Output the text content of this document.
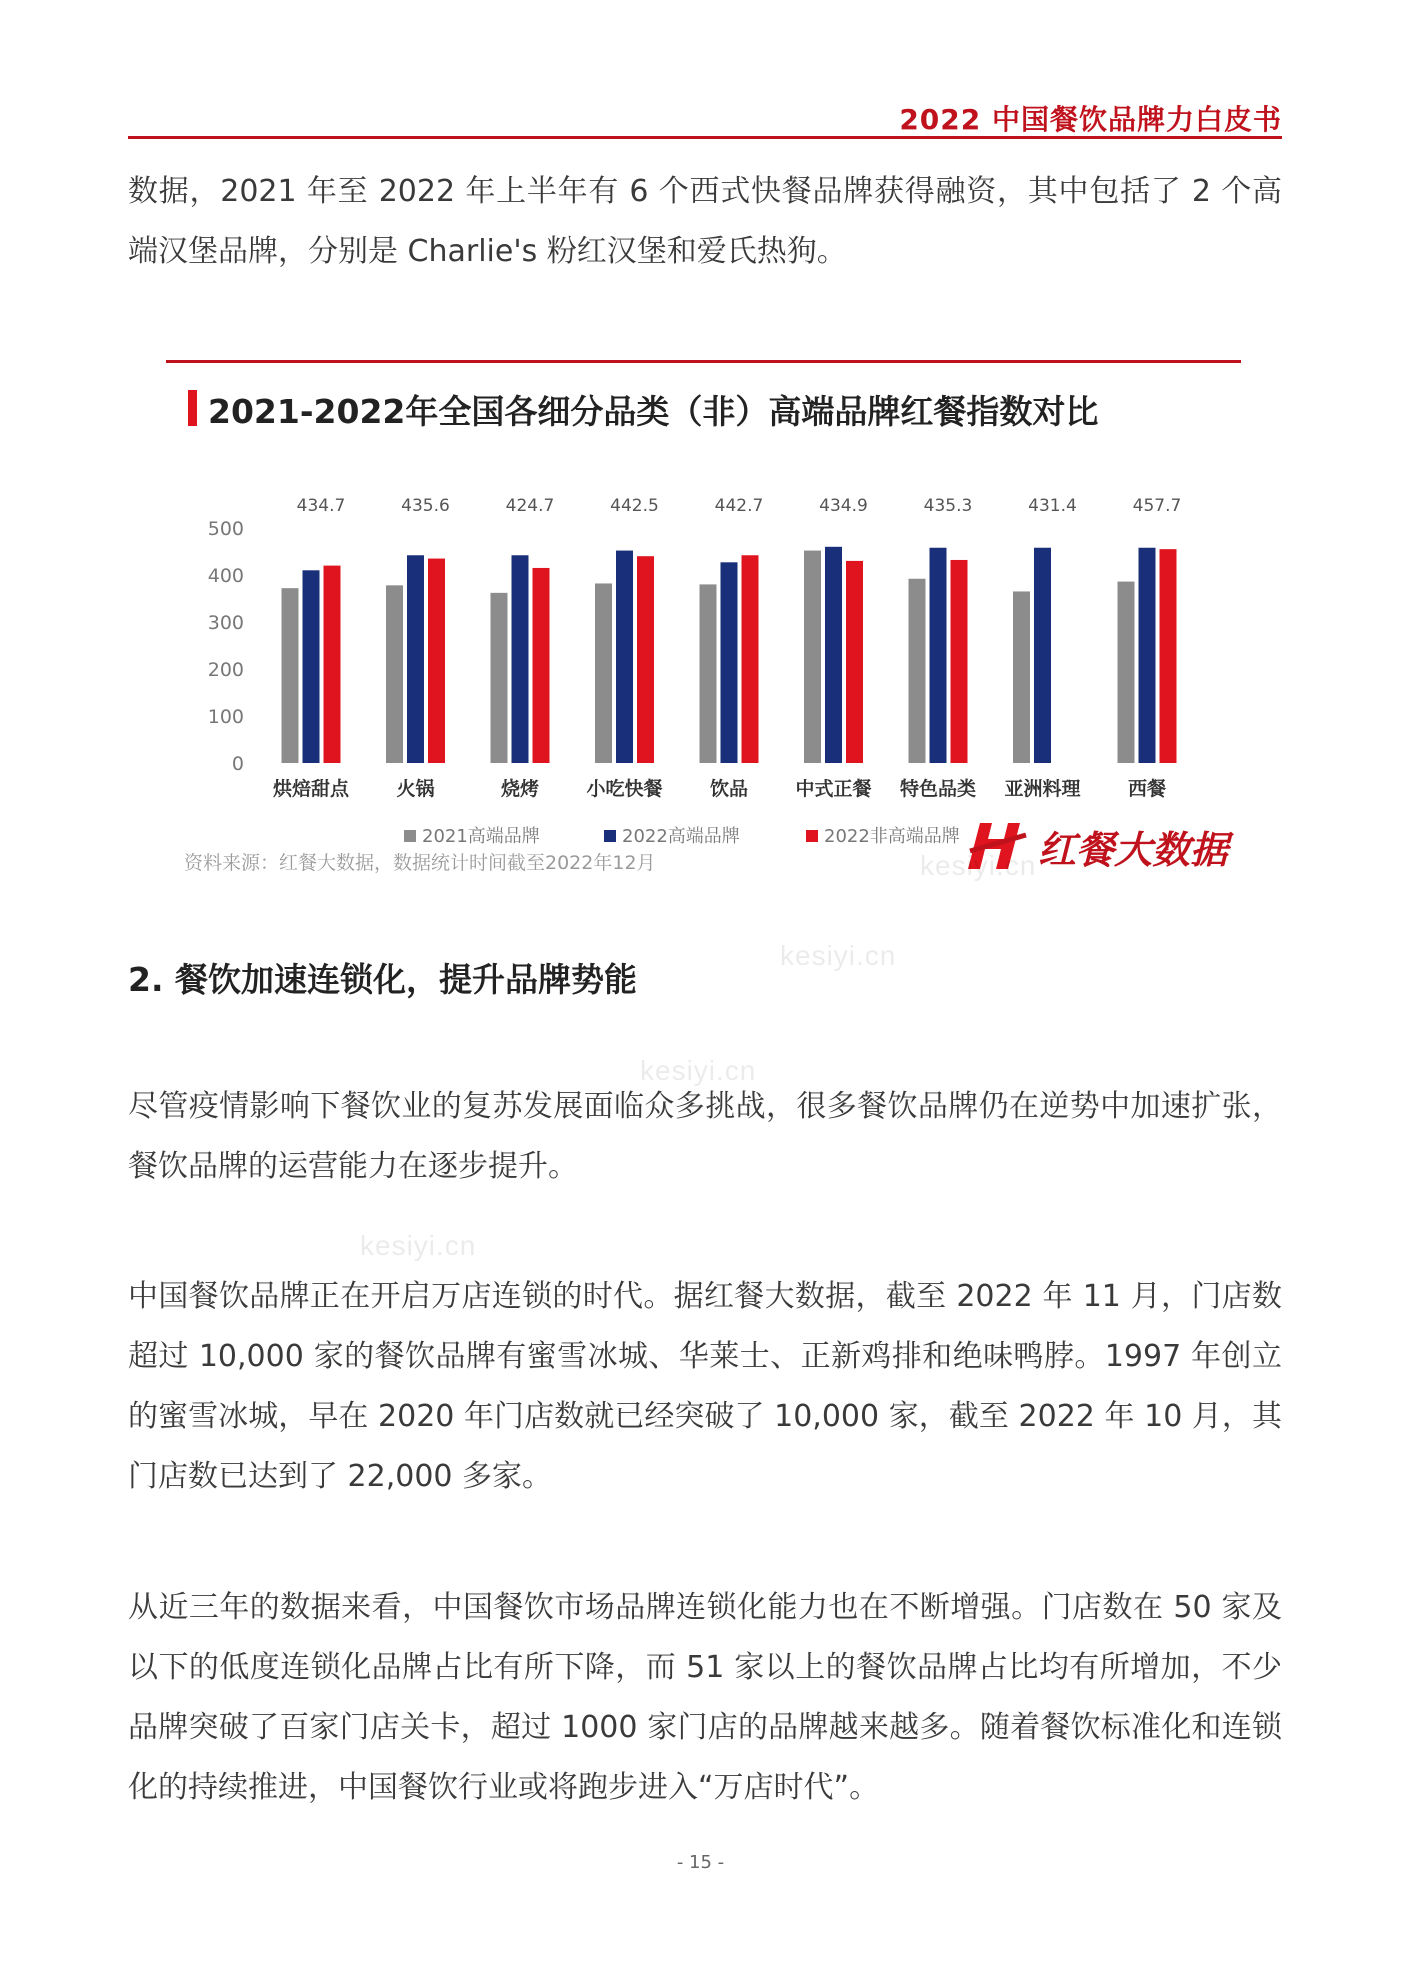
2022 中国餐饮品牌力白皮书

数据，2021 年至 2022 年上半年有 6 个西式快餐品牌获得融资，其中包括了 2 个高端汉堡品牌，分别是 Charlie's 粉红汉堡和爱氏热狗。

2021-2022年全国各细分品类（非）高端品牌红餐指数对比
500
400
300
200
100
0
434.7
烘焙甜点
435.6
火锅
424.7
烧烤
442.5
小吃快餐
442.7
饮品
434.9
中式正餐
435.3
特色品类
431.4
亚洲料理
457.7
西餐
2021高端品牌	2022高端品牌	2022非高端品牌
资料来源：红餐大数据，数据统计时间截至2022年12月	红餐大数据
2. 餐饮加速连锁化，提升品牌势能

尽管疫情影响下餐饮业的复苏发展面临众多挑战，很多餐饮品牌仍在逆势中加速扩张，餐饮品牌的运营能力在逐步提升。

中国餐饮品牌正在开启万店连锁的时代。据红餐大数据，截至 2022 年 11 月，门店数超过 10,000 家的餐饮品牌有蜜雪冰城、华莱士、正新鸡排和绝味鸭脖。1997 年创立的蜜雪冰城，早在 2020 年门店数就已经突破了 10,000 家，截至 2022 年 10 月，其门店数已达到了 22,000 多家。

从近三年的数据来看，中国餐饮市场品牌连锁化能力也在不断增强。门店数在 50 家及以下的低度连锁化品牌占比有所下降，而 51 家以上的餐饮品牌占比均有所增加，不少品牌突破了百家门店关卡，超过 1000 家门店的品牌越来越多。随着餐饮标准化和连锁化的持续推进，中国餐饮行业或将跑步进入“万店时代”。

kesiyi.cn
kesiyi.cn
kesiyi.cn
kesiyi.cn
- 15 -
